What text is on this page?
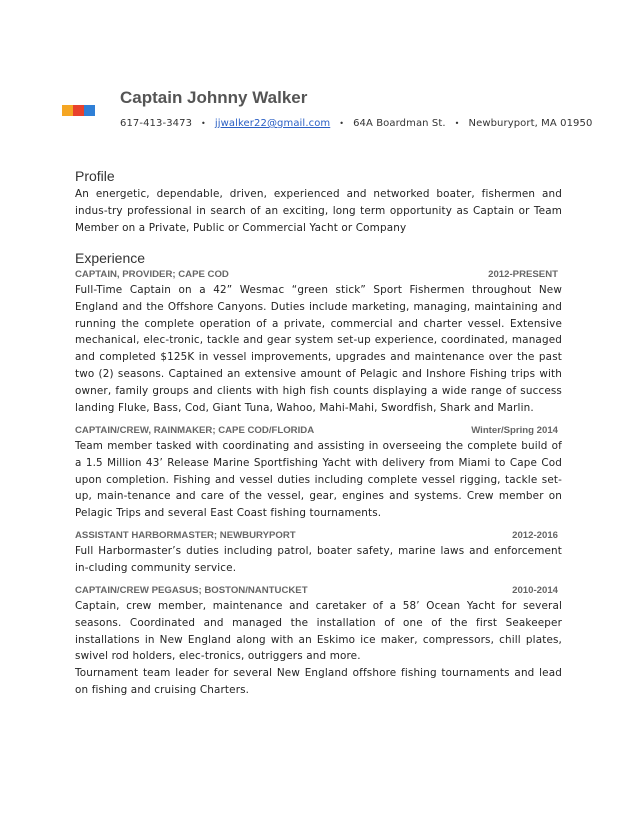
Captain Johnny Walker
617-413-3473 • jjwalker22@gmail.com • 64A Boardman St. • Newburyport, MA 01950
Profile

An energetic, dependable, driven, experienced and networked boater, fishermen and indus-try professional in search of an exciting, long term opportunity as Captain or Team Member on a Private, Public or Commercial Yacht or Company

Experience
CAPTAIN, PROVIDER; CAPE COD	2012-PRESENT

Full-Time Captain on a 42” Wesmac “green stick” Sport Fishermen throughout New England and the Offshore Canyons. Duties include marketing, managing, maintaining and running the complete operation of a private, commercial and charter vessel. Extensive mechanical, elec-tronic, tackle and gear system set-up experience, coordinated, managed and completed $125K in vessel improvements, upgrades and maintenance over the past two (2) seasons. Captained an extensive amount of Pelagic and Inshore Fishing trips with owner, family groups and clients with high fish counts displaying a wide range of success landing Fluke, Bass, Cod, Giant Tuna, Wahoo, Mahi-Mahi, Swordfish, Shark and Marlin.

CAPTAIN/CREW, RAINMAKER; CAPE COD/FLORIDA	Winter/Spring 2014

Team member tasked with coordinating and assisting in overseeing the complete build of a 1.5 Million 43’ Release Marine Sportfishing Yacht with delivery from Miami to Cape Cod upon completion. Fishing and vessel duties including complete vessel rigging, tackle set-up, main-tenance and care of the vessel, gear, engines and systems. Crew member on Pelagic Trips and several East Coast fishing tournaments.

ASSISTANT HARBORMASTER; NEWBURYPORT	2012-2016

Full Harbormaster’s duties including patrol, boater safety, marine laws and enforcement in-cluding community service.

CAPTAIN/CREW PEGASUS; BOSTON/NANTUCKET	2010-2014

Captain, crew member, maintenance and caretaker of a 58’ Ocean Yacht for several seasons. Coordinated and managed the installation of one of the first Seakeeper installations in New England along with an Eskimo ice maker, compressors, chill plates, swivel rod holders, elec-tronics, outriggers and more.

Tournament team leader for several New England offshore fishing tournaments and lead on fishing and cruising Charters.
